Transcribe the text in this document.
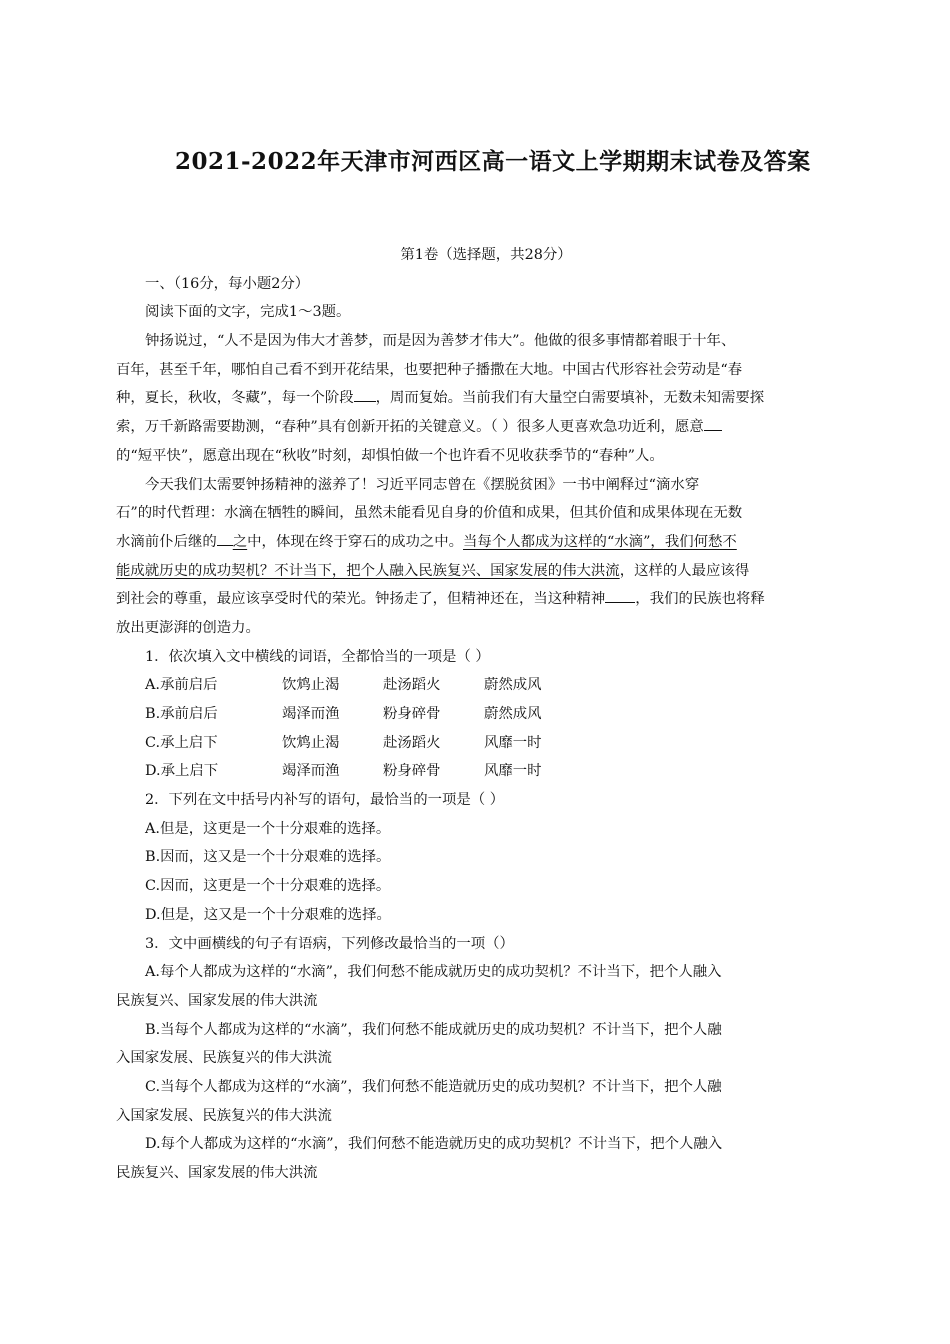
2021-2022年天津市河西区高一语文上学期期末试卷及答案
第1卷（选择题，共28分）
一、（16分，每小题2分）
阅读下面的文字，完成1～3题。
钟扬说过，“人不是因为伟大才善梦，而是因为善梦才伟大”。他做的很多事情都着眼于十年、
百年，甚至千年，哪怕自己看不到开花结果，也要把种子播撒在大地。中国古代形容社会劳动是“春
种，夏长，秋收，冬藏”，每一个阶段 ，周而复始。当前我们有大量空白需要填补，无数未知需要探
索，万千新路需要勘测，“春种”具有创新开拓的关键意义。（ ）很多人更喜欢急功近利，愿意
的“短平快”，愿意出现在“秋收”时刻，却惧怕做一个也许看不见收获季节的“春种”人。
今天我们太需要钟扬精神的滋养了！习近平同志曾在《摆脱贫困》一书中阐释过“滴水穿
石”的时代哲理：水滴在牺牲的瞬间，虽然未能看见自身的价值和成果，但其价值和成果体现在无数
水滴前仆后继的 之中，体现在终于穿石的成功之中。当每个人都成为这样的“水滴”，我们何愁不
能成就历史的成功契机？不计当下，把个人融入民族复兴、国家发展的伟大洪流，这样的人最应该得
到社会的尊重，最应该享受时代的荣光。钟扬走了，但精神还在，当这种精神 ，我们的民族也将释
放出更澎湃的创造力。
1．依次填入文中横线的词语，全都恰当的一项是（ ）
A.承前启后	饮鸩止渴	赴汤蹈火	蔚然成风
B.承前启后	竭泽而渔	粉身碎骨	蔚然成风
C.承上启下	饮鸩止渴	赴汤蹈火	风靡一时
D.承上启下	竭泽而渔	粉身碎骨	风靡一时
2．下列在文中括号内补写的语句，最恰当的一项是（ ）
A.但是，这更是一个十分艰难的选择。
B.因而，这又是一个十分艰难的选择。
C.因而，这更是一个十分艰难的选择。
D.但是，这又是一个十分艰难的选择。
3．文中画横线的句子有语病，下列修改最恰当的一项（）
A.每个人都成为这样的“水滴”，我们何愁不能成就历史的成功契机？不计当下，把个人融入
民族复兴、国家发展的伟大洪流
B.当每个人都成为这样的“水滴”，我们何愁不能成就历史的成功契机？不计当下，把个人融
入国家发展、民族复兴的伟大洪流
C.当每个人都成为这样的“水滴”，我们何愁不能造就历史的成功契机？不计当下，把个人融
入国家发展、民族复兴的伟大洪流
D.每个人都成为这样的“水滴”，我们何愁不能造就历史的成功契机？不计当下，把个人融入
民族复兴、国家发展的伟大洪流
